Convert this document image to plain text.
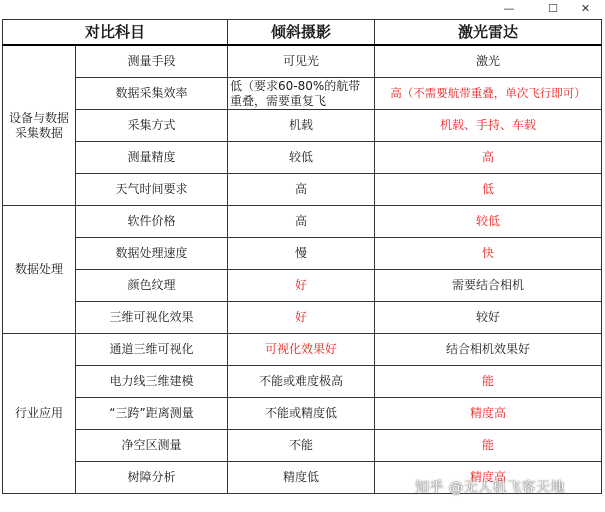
—	☐	✕
对比科目		倾斜摄影	激光雷达
设备与数据
采集数据	测量手段	可见光	激光
	数据采集效率	低（要求60-80%的航带重叠，需要重复飞	高（不需要航带重叠，单次飞行即可）
	采集方式	机载	机载、手持、车载
	测量精度	较低	高
	天气时间要求	高	低
数据处理	软件价格	高	较低
	数据处理速度	慢	快
	颜色纹理	好	需要结合相机
	三维可视化效果	好	较好
行业应用	通道三维可视化	可视化效果好	结合相机效果好
	电力线三维建模	不能或难度极高	能
	“三跨”距离测量	不能或精度低	精度高
	净空区测量	不能	能
	树障分析	精度低	精度高
知乎 @无人机飞客天地
